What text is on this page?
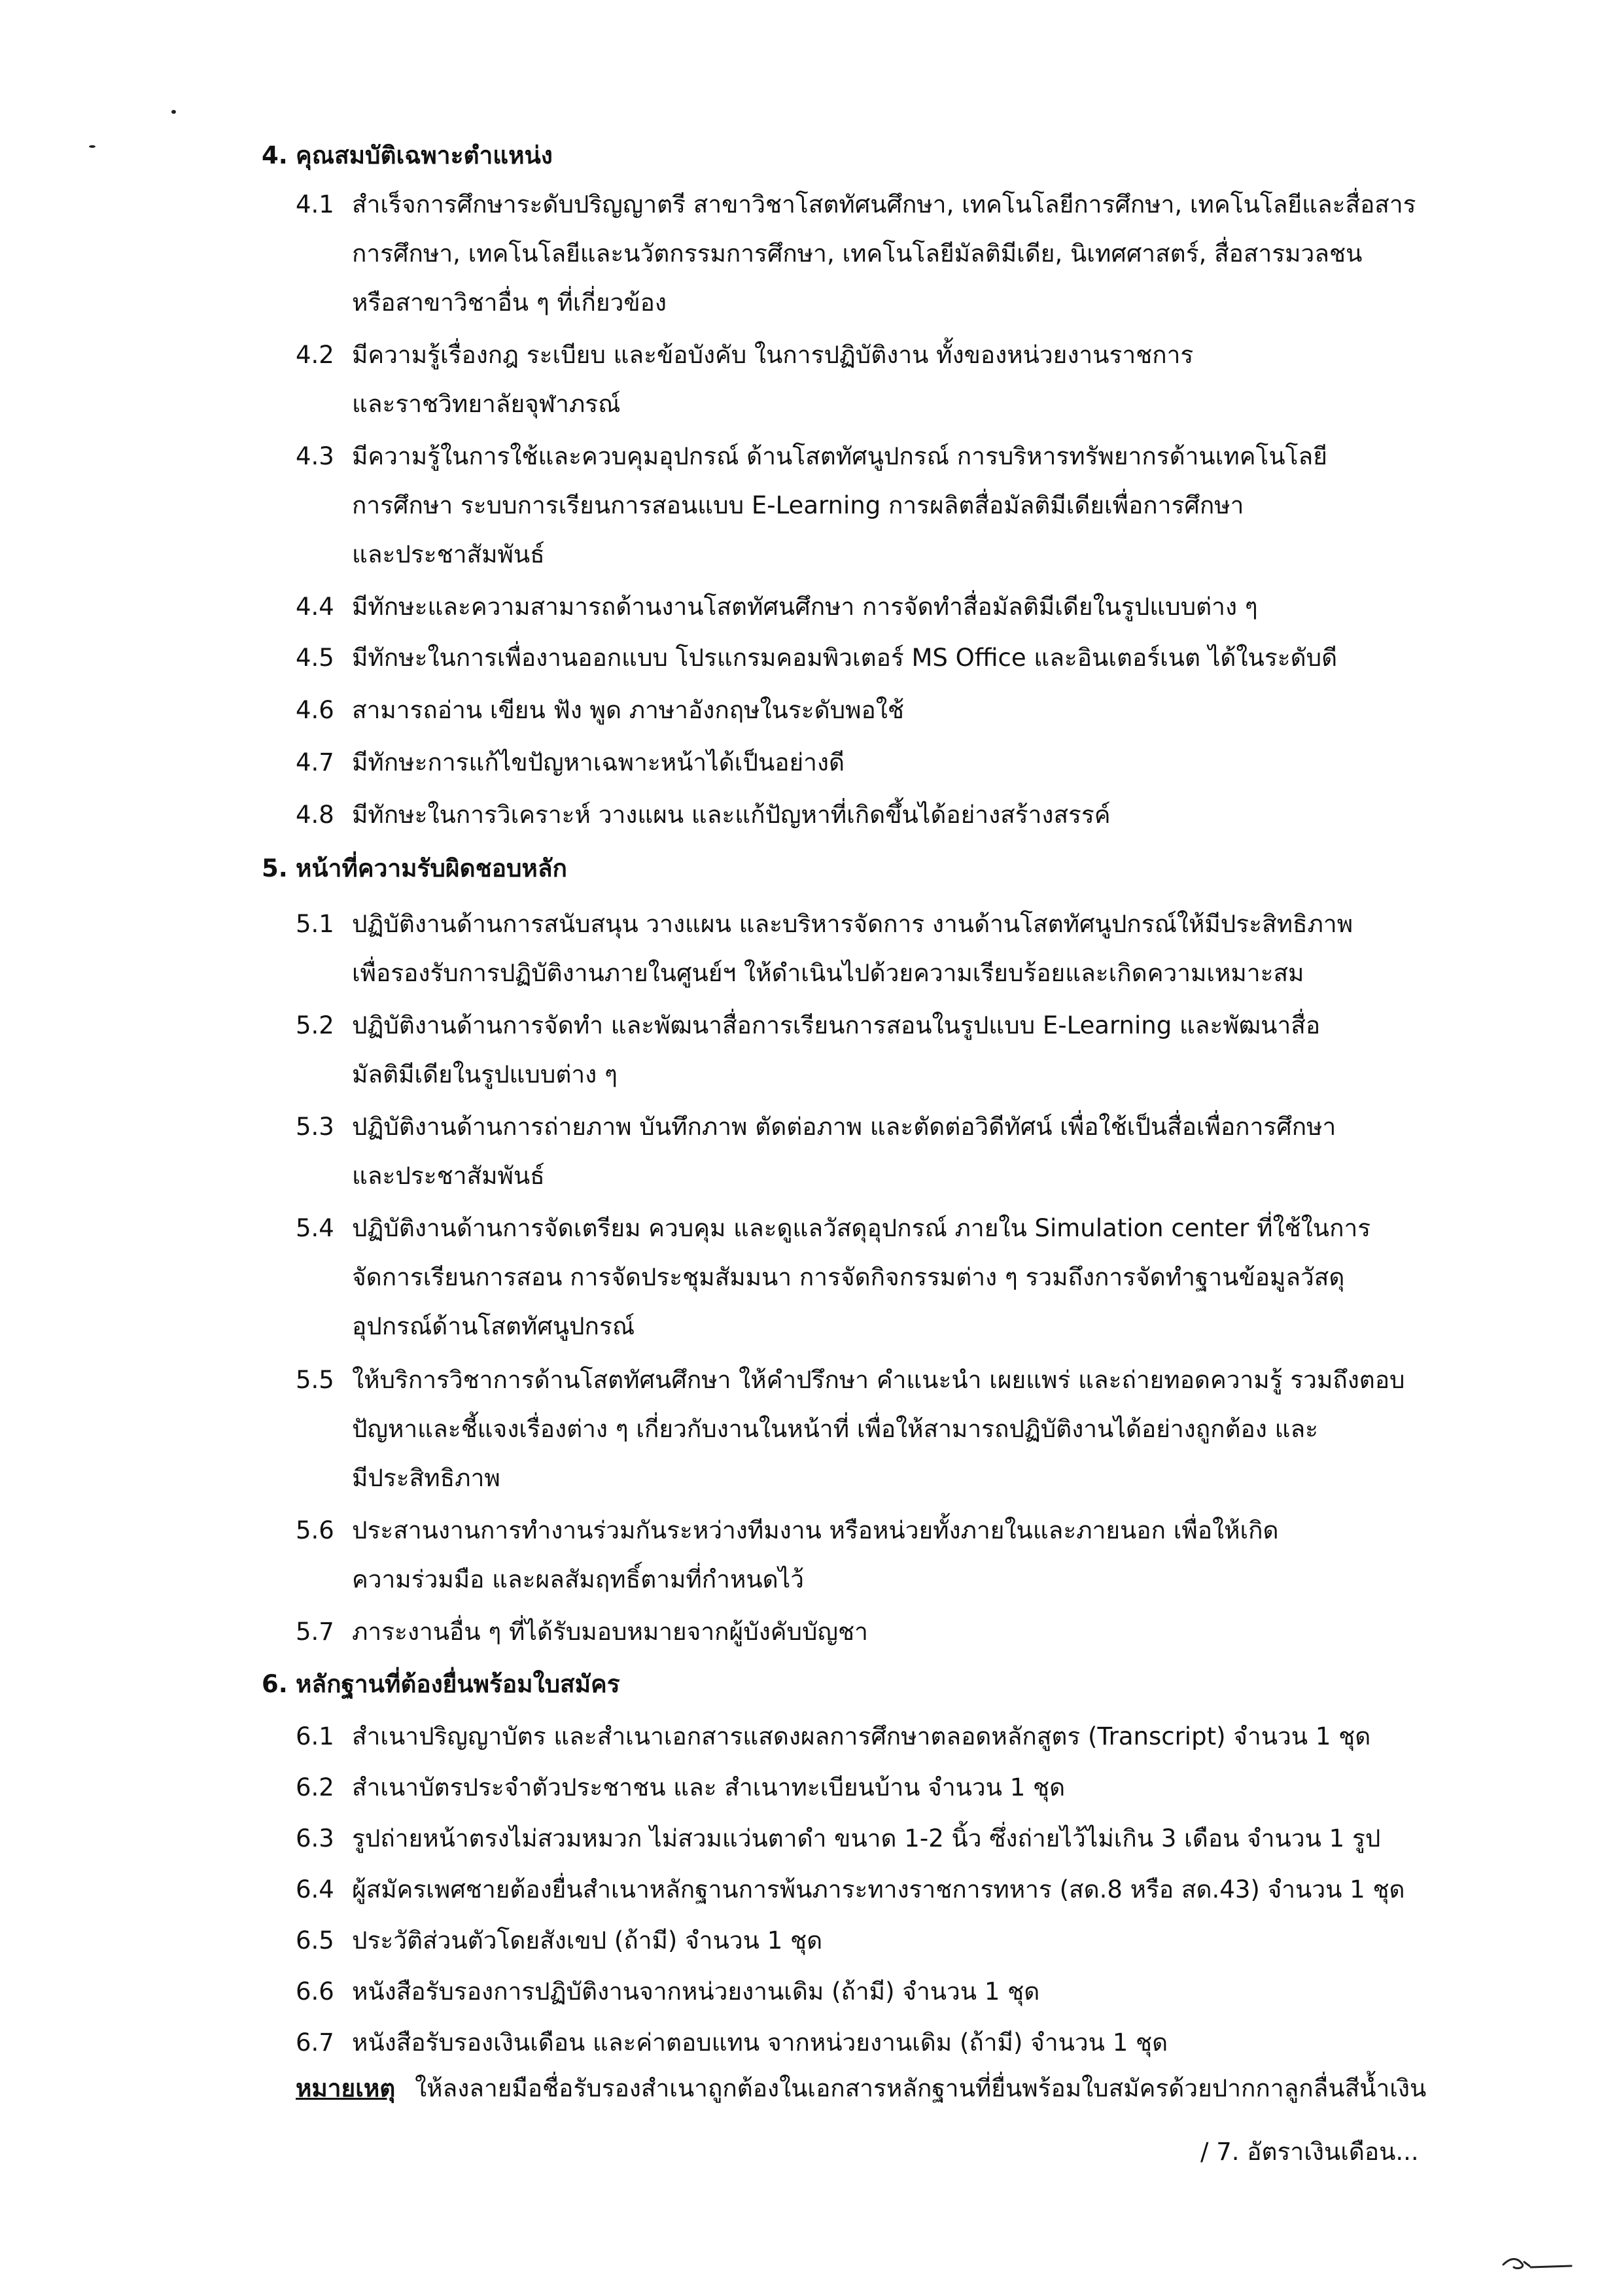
4. คุณสมบัติเฉพาะตำแหน่ง
4.1 สำเร็จการศึกษาระดับปริญญาตรี สาขาวิชาโสตทัศนศึกษา, เทคโนโลยีการศึกษา, เทคโนโลยีและสื่อสาร
การศึกษา, เทคโนโลยีและนวัตกรรมการศึกษา, เทคโนโลยีมัลติมีเดีย, นิเทศศาสตร์, สื่อสารมวลชน
หรือสาขาวิชาอื่น ๆ ที่เกี่ยวข้อง
4.2 มีความรู้เรื่องกฎ ระเบียบ และข้อบังคับ ในการปฏิบัติงาน ทั้งของหน่วยงานราชการ
และราชวิทยาลัยจุฬาภรณ์
4.3 มีความรู้ในการใช้และควบคุมอุปกรณ์ ด้านโสตทัศนูปกรณ์ การบริหารทรัพยากรด้านเทคโนโลยี
การศึกษา ระบบการเรียนการสอนแบบ E-Learning การผลิตสื่อมัลติมีเดียเพื่อการศึกษา
และประชาสัมพันธ์
4.4 มีทักษะและความสามารถด้านงานโสตทัศนศึกษา การจัดทำสื่อมัลติมีเดียในรูปแบบต่าง ๆ
4.5 มีทักษะในการเพื่องานออกแบบ โปรแกรมคอมพิวเตอร์ MS Office และอินเตอร์เนต ได้ในระดับดี
4.6 สามารถอ่าน เขียน ฟัง พูด ภาษาอังกฤษในระดับพอใช้
4.7 มีทักษะการแก้ไขปัญหาเฉพาะหน้าได้เป็นอย่างดี
4.8 มีทักษะในการวิเคราะห์ วางแผน และแก้ปัญหาที่เกิดขึ้นได้อย่างสร้างสรรค์
5. หน้าที่ความรับผิดชอบหลัก
5.1 ปฏิบัติงานด้านการสนับสนุน วางแผน และบริหารจัดการ งานด้านโสตทัศนูปกรณ์ให้มีประสิทธิภาพ
เพื่อรองรับการปฏิบัติงานภายในศูนย์ฯ ให้ดำเนินไปด้วยความเรียบร้อยและเกิดความเหมาะสม
5.2 ปฏิบัติงานด้านการจัดทำ และพัฒนาสื่อการเรียนการสอนในรูปแบบ E-Learning และพัฒนาสื่อ
มัลติมีเดียในรูปแบบต่าง ๆ
5.3 ปฏิบัติงานด้านการถ่ายภาพ บันทึกภาพ ตัดต่อภาพ และตัดต่อวิดีทัศน์ เพื่อใช้เป็นสื่อเพื่อการศึกษา
และประชาสัมพันธ์
5.4 ปฏิบัติงานด้านการจัดเตรียม ควบคุม และดูแลวัสดุอุปกรณ์ ภายใน Simulation center ที่ใช้ในการ
จัดการเรียนการสอน การจัดประชุมสัมมนา การจัดกิจกรรมต่าง ๆ รวมถึงการจัดทำฐานข้อมูลวัสดุ
อุปกรณ์ด้านโสตทัศนูปกรณ์
5.5 ให้บริการวิชาการด้านโสตทัศนศึกษา ให้คำปรึกษา คำแนะนำ เผยแพร่ และถ่ายทอดความรู้ รวมถึงตอบ
ปัญหาและชี้แจงเรื่องต่าง ๆ เกี่ยวกับงานในหน้าที่ เพื่อให้สามารถปฏิบัติงานได้อย่างถูกต้อง และ
มีประสิทธิภาพ
5.6 ประสานงานการทำงานร่วมกันระหว่างทีมงาน หรือหน่วยทั้งภายในและภายนอก เพื่อให้เกิด
ความร่วมมือ และผลสัมฤทธิ์ตามที่กำหนดไว้
5.7 ภาระงานอื่น ๆ ที่ได้รับมอบหมายจากผู้บังคับบัญชา
6. หลักฐานที่ต้องยื่นพร้อมใบสมัคร
6.1 สำเนาปริญญาบัตร และสำเนาเอกสารแสดงผลการศึกษาตลอดหลักสูตร (Transcript) จำนวน 1 ชุด
6.2 สำเนาบัตรประจำตัวประชาชน และ สำเนาทะเบียนบ้าน จำนวน 1 ชุด
6.3 รูปถ่ายหน้าตรงไม่สวมหมวก ไม่สวมแว่นตาดำ ขนาด 1-2 นิ้ว ซึ่งถ่ายไว้ไม่เกิน 3 เดือน จำนวน 1 รูป
6.4 ผู้สมัครเพศชายต้องยื่นสำเนาหลักฐานการพ้นภาระทางราชการทหาร (สด.8 หรือ สด.43) จำนวน 1 ชุด
6.5 ประวัติส่วนตัวโดยสังเขป (ถ้ามี) จำนวน 1 ชุด
6.6 หนังสือรับรองการปฏิบัติงานจากหน่วยงานเดิม (ถ้ามี) จำนวน 1 ชุด
6.7 หนังสือรับรองเงินเดือน และค่าตอบแทน จากหน่วยงานเดิม (ถ้ามี) จำนวน 1 ชุด
หมายเหตุ ให้ลงลายมือชื่อรับรองสำเนาถูกต้องในเอกสารหลักฐานที่ยื่นพร้อมใบสมัครด้วยปากกาลูกลื่นสีน้ำเงิน
/ 7. อัตราเงินเดือน...
